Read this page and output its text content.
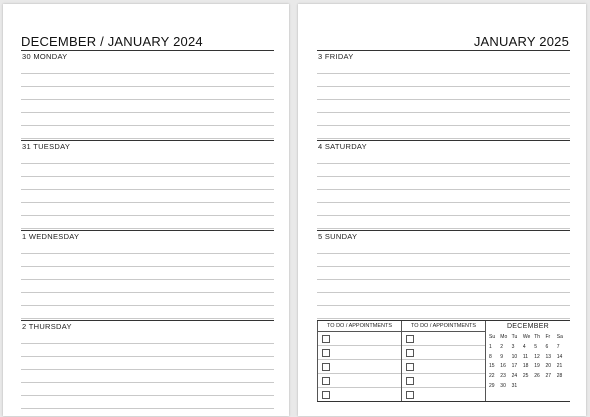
DECEMBER / JANUARY 2024
30 MONDAY
31 TUESDAY
1 WEDNESDAY
2 THURSDAY
JANUARY 2025
TO DO / APPOINTMENTS	TO DO / APPOINTMENTS	DECEMBER
Su	Mo Tu	We Th	Fr	Sa
1	2	3	4	5	6	7
8	9	10	11	12	13	14
15	16	17	18	19	20	21
22	23	24	25	26	27	28
29	30	31
3 FRIDAY
4 SATURDAY
5 SUNDAY
